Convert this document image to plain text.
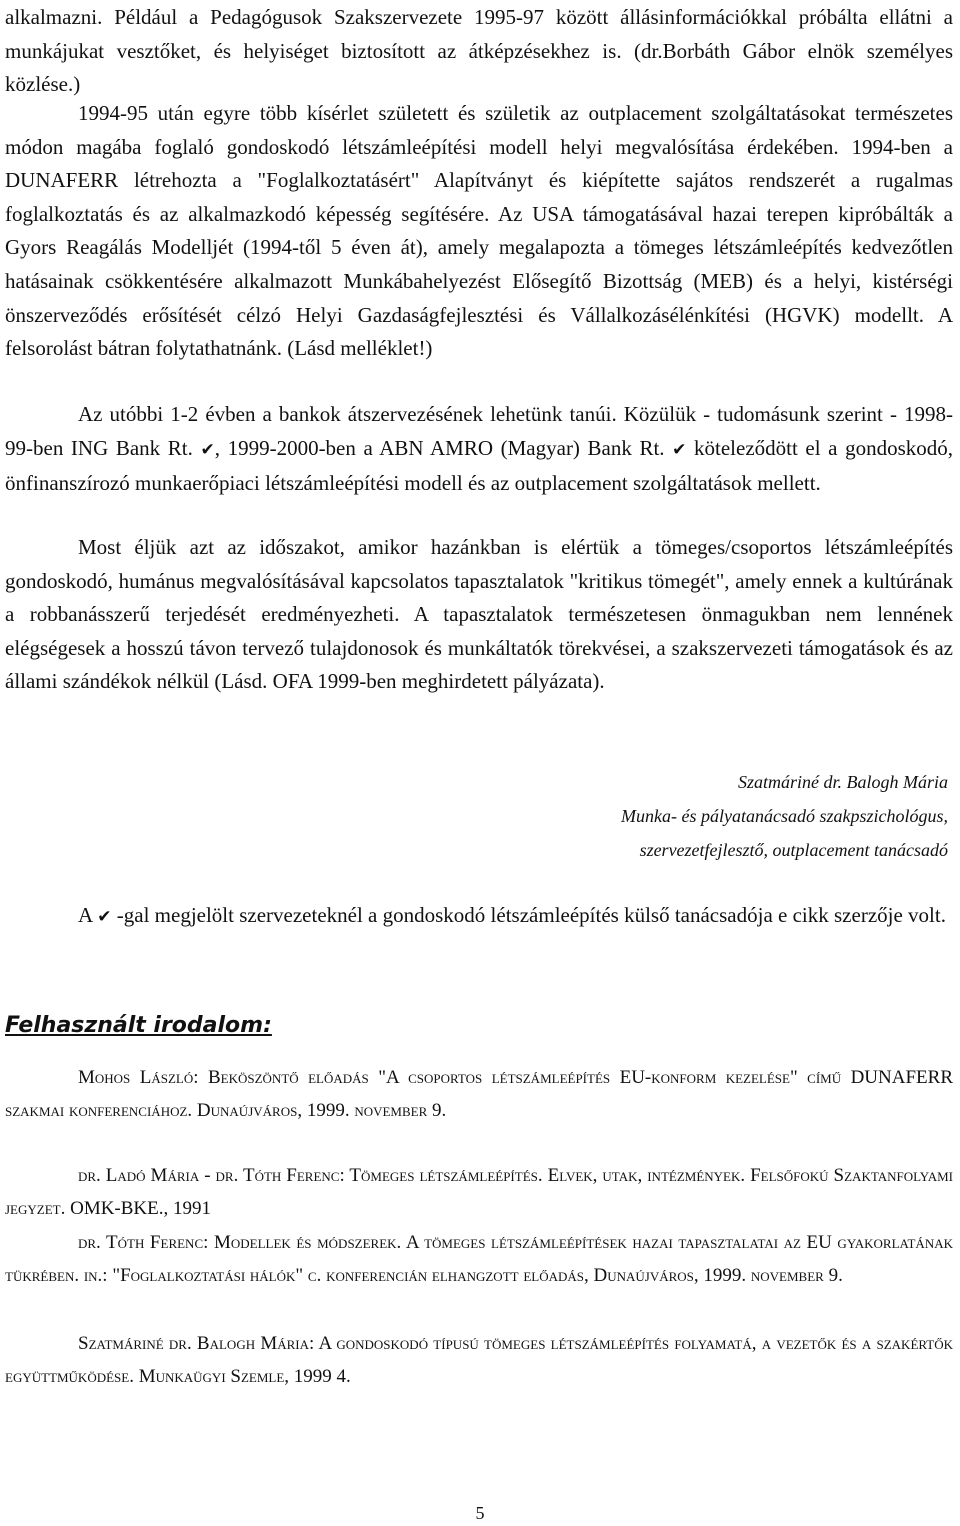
alkalmazni. Például a Pedagógusok Szakszervezete 1995-97 között állásinformációkkal próbálta ellátni a munkájukat vesztőket, és helyiséget biztosított az átképzésekhez is. (dr.Borbáth Gábor elnök személyes közlése.)

1994-95 után egyre több kísérlet született és születik az outplacement szolgáltatásokat természetes módon magába foglaló gondoskodó létszámleépítési modell helyi megvalósítása érdekében. 1994-ben a DUNAFERR létrehozta a "Foglalkoztatásért" Alapítványt és kiépítette sajátos rendszerét a rugalmas foglalkoztatás és az alkalmazkodó képesség segítésére. Az USA támogatásával hazai terepen kipróbálták a Gyors Reagálás Modelljét (1994-től 5 éven át), amely megalapozta a tömeges létszámleépítés kedvezőtlen hatásainak csökkentésére alkalmazott Munkábahelyezést Elősegítő Bizottság (MEB) és a helyi, kistérségi önszerveződés erősítését célzó Helyi Gazdaságfejlesztési és Vállalkozásélénkítési (HGVK) modellt. A felsorolást bátran folytathatnánk. (Lásd melléklet!)

Az utóbbi 1-2 évben a bankok átszervezésének lehetünk tanúi. Közülük - tudomásunk szerint - 1998-99-ben ING Bank Rt. ✔, 1999-2000-ben a ABN AMRO (Magyar) Bank Rt. ✔ köteleződött el a gondoskodó, önfinanszírozó munkaerőpiaci létszámleépítési modell és az outplacement szolgáltatások mellett.

Most éljük azt az időszakot, amikor hazánkban is elértük a tömeges/csoportos létszámleépítés gondoskodó, humánus megvalósításával kapcsolatos tapasztalatok "kritikus tömegét", amely ennek a kultúrának a robbanásszerű terjedését eredményezheti. A tapasztalatok természetesen önmagukban nem lennének elégségesek a hosszú távon tervező tulajdonosok és munkáltatók törekvései, a szakszervezeti támogatások és az állami szándékok nélkül (Lásd. OFA 1999-ben meghirdetett pályázata).

Szatmáriné dr. Balogh Mária
Munka- és pályatanácsadó szakpszichológus,
szervezetfejlesztő, outplacement tanácsadó

A ✔ -gal megjelölt szervezeteknél a gondoskodó létszámleépítés külső tanácsadója e cikk szerzője volt.

Felhasznált irodalom:

Mohos László: Beköszöntő előadás "A csoportos létszámleépítés EU-konform kezelése" című DUNAFERR szakmai konferenciához. Dunaújváros, 1999. november 9.

dr. Ladó Mária - dr. Tóth Ferenc: Tömeges létszámleépítés. Elvek, utak, intézmények. Felsőfokú Szaktanfolyami jegyzet. OMK-BKE., 1991

dr. Tóth Ferenc: Modellek és módszerek. A tömeges létszámleépítések hazai tapasztalatai az EU gyakorlatának tükrében. in.: "Foglalkoztatási hálók" c. konferencián elhangzott előadás, Dunaújváros, 1999. november 9.

Szatmáriné dr. Balogh Mária: A gondoskodó típusú tömeges létszámleépítés folyamatá, a vezetők és a szakértők együttműködése. Munkaügyi Szemle, 1999 4.

5
